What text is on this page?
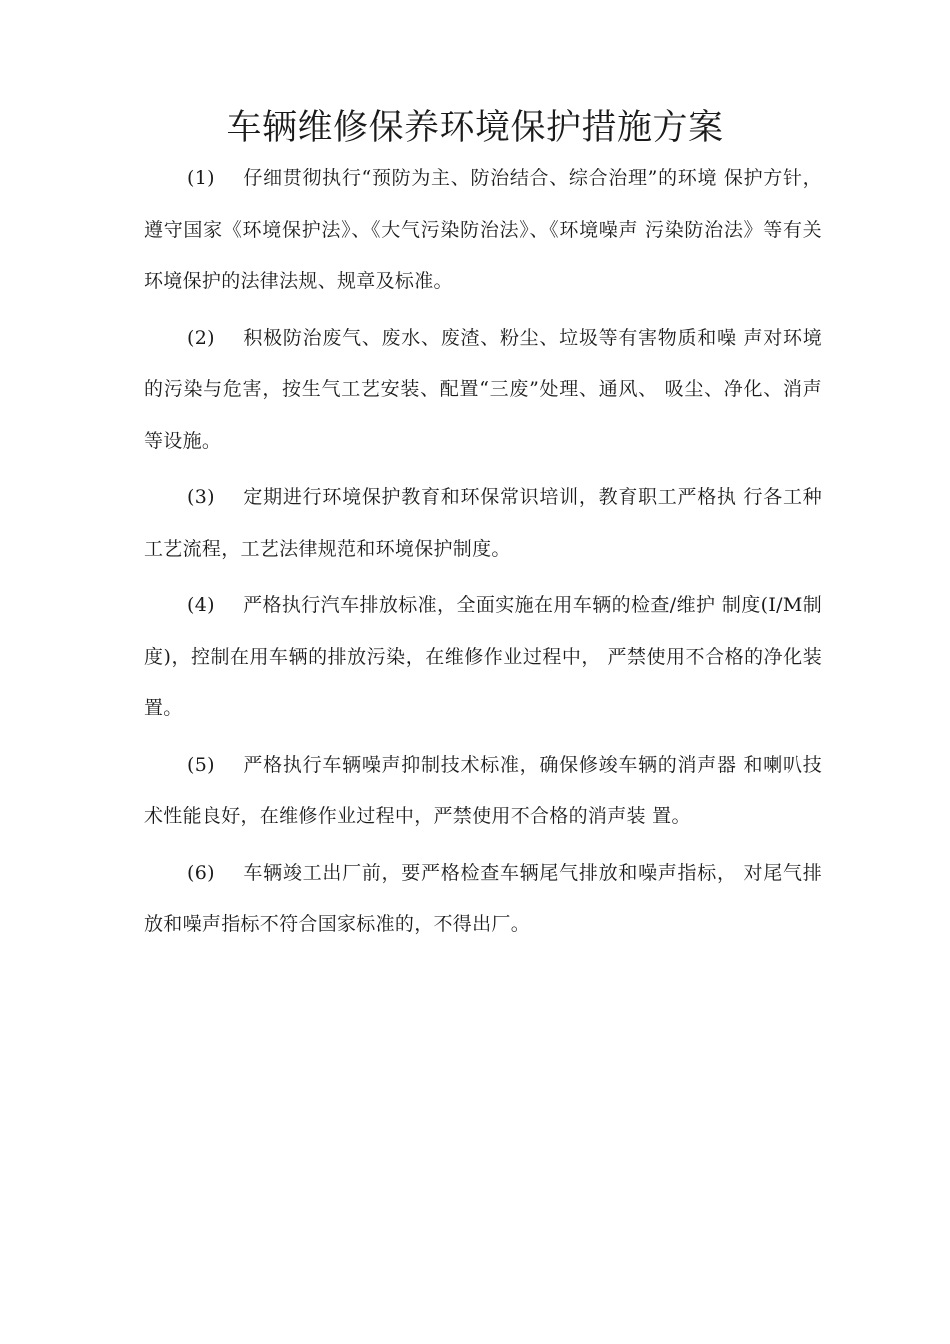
车辆维修保养环境保护措施方案

(1) 仔细贯彻执行“预防为主、防治结合、综合治理”的环境 保护方针，遵守国家《环境保护法》、《大气污染防治法》、《环境噪声 污染防治法》等有关环境保护的法律法规、规章及标准。

(2) 积极防治废气、废水、废渣、粉尘、垃圾等有害物质和噪 声对环境的污染与危害，按生气工艺安装、配置“三废”处理、通风、 吸尘、净化、消声等设施。

(3) 定期进行环境保护教育和环保常识培训，教育职工严格执 行各工种工艺流程，工艺法律规范和环境保护制度。

(4) 严格执行汽车排放标准，全面实施在用车辆的检查/维护 制度(I/M制度)，控制在用车辆的排放污染，在维修作业过程中， 严禁使用不合格的净化装置。

(5) 严格执行车辆噪声抑制技术标准，确保修竣车辆的消声器 和喇叭技术性能良好，在维修作业过程中，严禁使用不合格的消声装 置。

(6) 车辆竣工出厂前，要严格检查车辆尾气排放和噪声指标， 对尾气排放和噪声指标不符合国家标准的，不得出厂。
